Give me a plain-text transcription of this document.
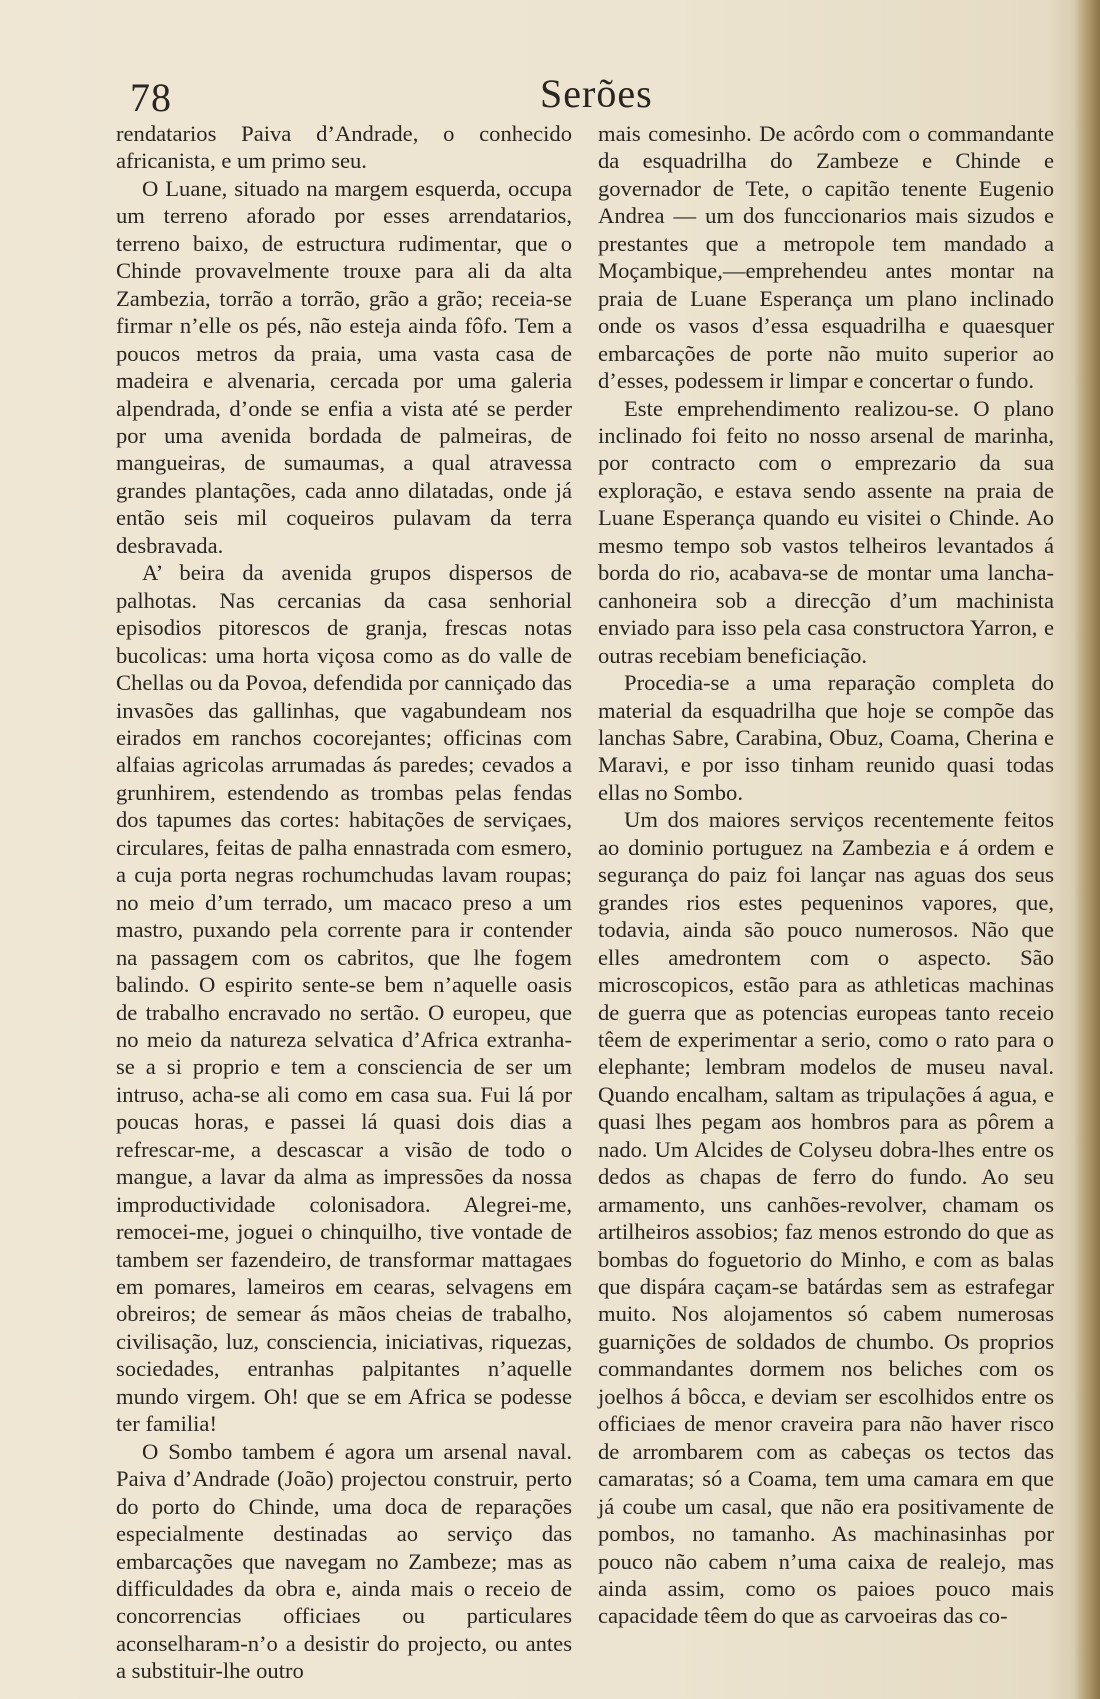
78	Serões

rendatarios Paiva d’Andrade, o conhecido africanista, e um primo seu.

O Luane, situado na margem esquerda, occupa um terreno aforado por esses arrendatarios, terreno baixo, de estructura rudimentar, que o Chinde provavelmente trouxe para ali da alta Zambezia, torrão a torrão, grão a grão; receia-se firmar n’elle os pés, não esteja ainda fôfo. Tem a poucos metros da praia, uma vasta casa de madeira e alvenaria, cercada por uma galeria alpendrada, d’onde se enfia a vista até se perder por uma avenida bordada de palmeiras, de mangueiras, de sumaumas, a qual atravessa grandes plantações, cada anno dilatadas, onde já então seis mil coqueiros pulavam da terra desbravada.

A’ beira da avenida grupos dispersos de palhotas. Nas cercanias da casa senhorial episodios pitorescos de granja, frescas notas bucolicas: uma horta viçosa como as do valle de Chellas ou da Povoa, defendida por canniçado das invasões das gallinhas, que vagabundeam nos eirados em ranchos cocorejantes; officinas com alfaias agricolas arrumadas ás paredes; cevados a grunhirem, estendendo as trombas pelas fendas dos tapumes das cortes: habitações de serviçaes, circulares, feitas de palha ennastrada com esmero, a cuja porta negras rochumchudas lavam roupas; no meio d’um terrado, um macaco preso a um mastro, puxando pela corrente para ir contender na passagem com os cabritos, que lhe fogem balindo. O espirito sente-se bem n’aquelle oasis de trabalho encravado no sertão. O europeu, que no meio da natureza selvatica d’Africa extranha-se a si proprio e tem a consciencia de ser um intruso, acha-se ali como em casa sua. Fui lá por poucas horas, e passei lá quasi dois dias a refrescar-me, a descascar a visão de todo o mangue, a lavar da alma as impressões da nossa improductividade colonisadora. Alegrei-me, remocei-me, joguei o chinquilho, tive vontade de tambem ser fazendeiro, de transformar mattagaes em pomares, lameiros em cearas, selvagens em obreiros; de semear ás mãos cheias de trabalho, civilisação, luz, consciencia, iniciativas, riquezas, sociedades, entranhas palpitantes n’aquelle mundo virgem. Oh! que se em Africa se podesse ter familia!

O Sombo tambem é agora um arsenal naval. Paiva d’Andrade (João) projectou construir, perto do porto do Chinde, uma doca de reparações especialmente destinadas ao serviço das embarcações que navegam no Zambeze; mas as difficuldades da obra e, ainda mais o receio de concorrencias officiaes ou particulares aconselharam-n’o a desistir do projecto, ou antes a substituir-lhe outro

mais comesinho. De acôrdo com o commandante da esquadrilha do Zambeze e Chinde e governador de Tete, o capitão tenente Eugenio Andrea — um dos funccionarios mais sizudos e prestantes que a metropole tem mandado a Moçambique,—emprehendeu antes montar na praia de Luane Esperança um plano inclinado onde os vasos d’essa esquadrilha e quaesquer embarcações de porte não muito superior ao d’esses, podessem ir limpar e concertar o fundo.

Este emprehendimento realizou-se. O plano inclinado foi feito no nosso arsenal de marinha, por contracto com o emprezario da sua exploração, e estava sendo assente na praia de Luane Esperança quando eu visitei o Chinde. Ao mesmo tempo sob vastos telheiros levantados á borda do rio, acabava-se de montar uma lancha-canhoneira sob a direcção d’um machinista enviado para isso pela casa constructora Yarron, e outras recebiam beneficiação.

Procedia-se a uma reparação completa do material da esquadrilha que hoje se compõe das lanchas Sabre, Carabina, Obuz, Coama, Cherina e Maravi, e por isso tinham reunido quasi todas ellas no Sombo.

Um dos maiores serviços recentemente feitos ao dominio portuguez na Zambezia e á ordem e segurança do paiz foi lançar nas aguas dos seus grandes rios estes pequeninos vapores, que, todavia, ainda são pouco numerosos. Não que elles amedrontem com o aspecto. São microscopicos, estão para as athleticas machinas de guerra que as potencias europeas tanto receio têem de experimentar a serio, como o rato para o elephante; lembram modelos de museu naval. Quando encalham, saltam as tripulações á agua, e quasi lhes pegam aos hombros para as pôrem a nado. Um Alcides de Colyseu dobra-lhes entre os dedos as chapas de ferro do fundo. Ao seu armamento, uns canhões-revolver, chamam os artilheiros assobios; faz menos estrondo do que as bombas do foguetorio do Minho, e com as balas que dispára caçam-se batárdas sem as estrafegar muito. Nos alojamentos só cabem numerosas guarnições de soldados de chumbo. Os proprios commandantes dormem nos beliches com os joelhos á bôcca, e deviam ser escolhidos entre os officiaes de menor craveira para não haver risco de arrombarem com as cabeças os tectos das camaratas; só a Coama, tem uma camara em que já coube um casal, que não era positivamente de pombos, no tamanho. As machinasinhas por pouco não cabem n’uma caixa de realejo, mas ainda assim, como os paioes pouco mais capacidade têem do que as carvoeiras das co-
